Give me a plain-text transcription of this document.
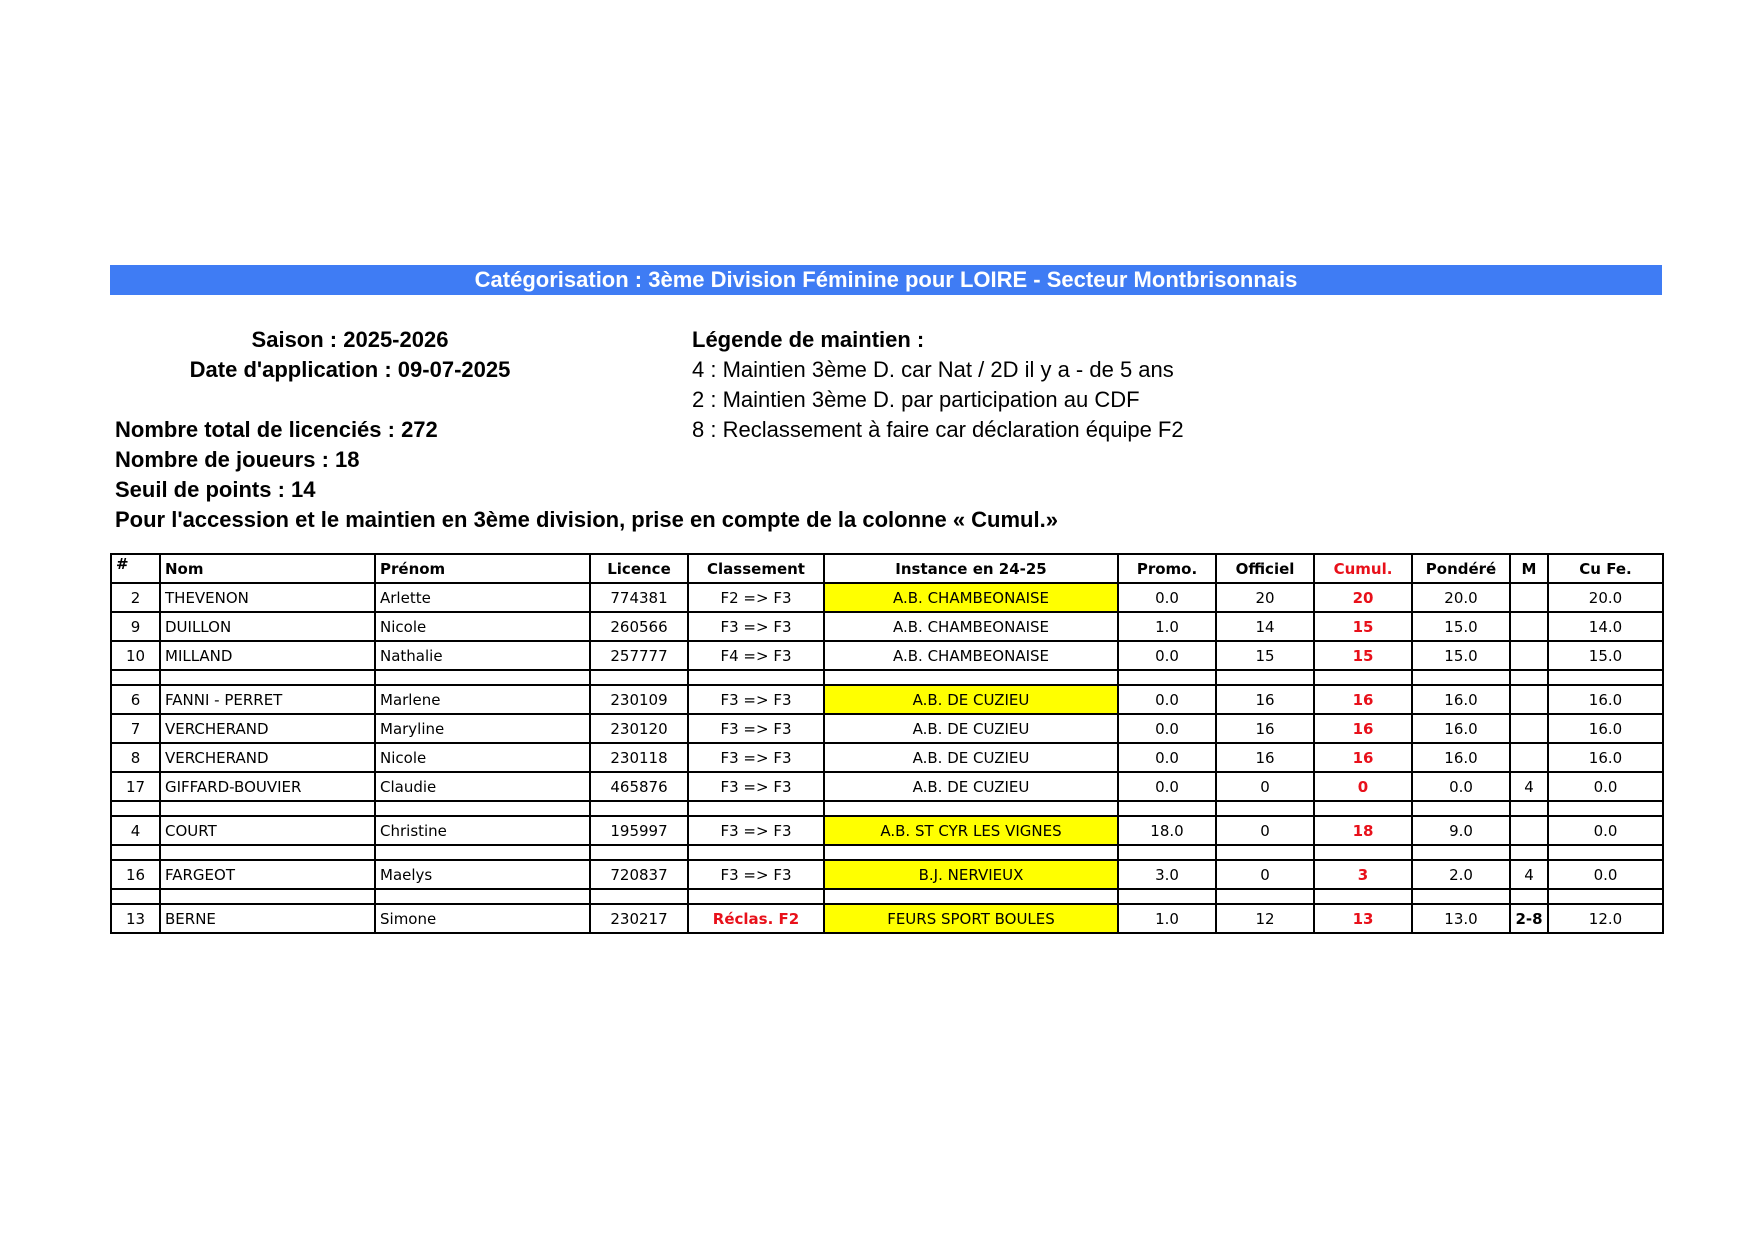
Catégorisation : 3ème Division Féminine pour LOIRE - Secteur Montbrisonnais
Saison : 2025-2026
Date d'application : 09-07-2025
Légende de maintien :
4 : Maintien 3ème D. car Nat / 2D il y a - de 5 ans
2 : Maintien 3ème D. par participation au CDF
8 : Reclassement à faire car déclaration équipe F2
Nombre total de licenciés : 272
Nombre de joueurs : 18
Seuil de points : 14
Pour l'accession et le maintien en 3ème division, prise en compte de la colonne « Cumul.»
#	Nom	Prénom	Licence	Classement	Instance en 24-25	Promo.	Officiel	Cumul.	Pondéré	M	Cu Fe.
2	THEVENON	Arlette	774381	F2 => F3	A.B. CHAMBEONAISE	0.0	20	20	20.0		20.0
9	DUILLON	Nicole	260566	F3 => F3	A.B. CHAMBEONAISE	1.0	14	15	15.0		14.0
10	MILLAND	Nathalie	257777	F4 => F3	A.B. CHAMBEONAISE	0.0	15	15	15.0		15.0

6	FANNI - PERRET	Marlene	230109	F3 => F3	A.B. DE CUZIEU	0.0	16	16	16.0		16.0
7	VERCHERAND	Maryline	230120	F3 => F3	A.B. DE CUZIEU	0.0	16	16	16.0		16.0
8	VERCHERAND	Nicole	230118	F3 => F3	A.B. DE CUZIEU	0.0	16	16	16.0		16.0
17	GIFFARD-BOUVIER	Claudie	465876	F3 => F3	A.B. DE CUZIEU	0.0	0	0	0.0	4	0.0

4	COURT	Christine	195997	F3 => F3	A.B. ST CYR LES VIGNES	18.0	0	18	9.0		0.0

16	FARGEOT	Maelys	720837	F3 => F3	B.J. NERVIEUX	3.0	0	3	2.0	4	0.0

13	BERNE	Simone	230217	Réclas. F2	FEURS SPORT BOULES	1.0	12	13	13.0	2-8	12.0
